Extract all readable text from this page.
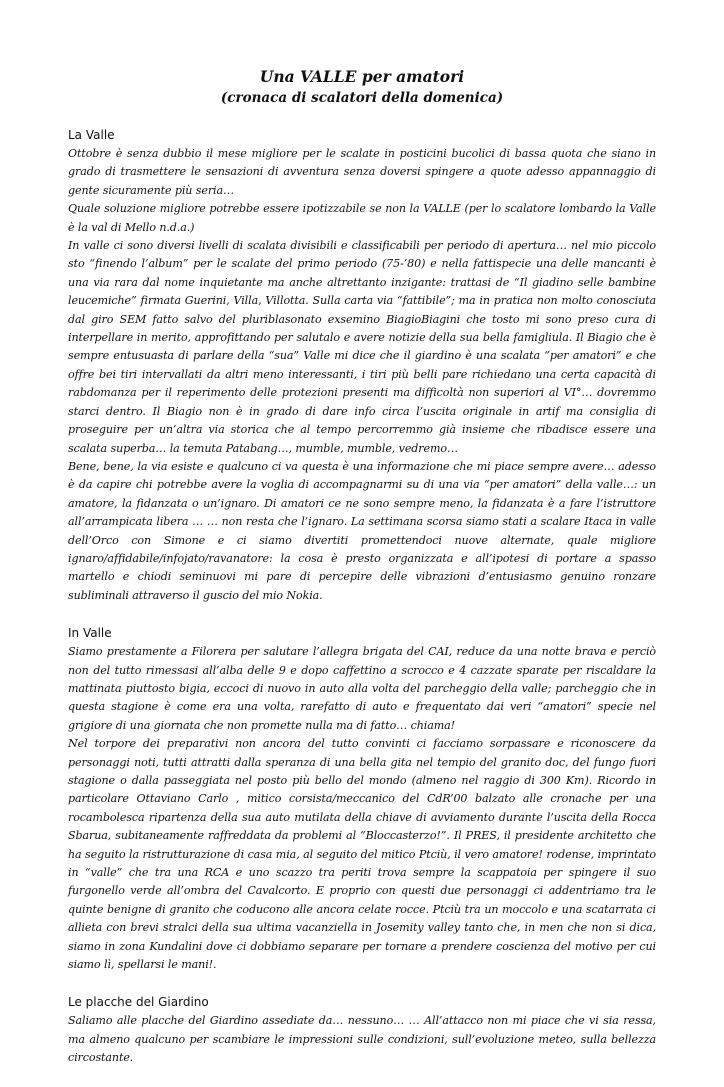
Una VALLE per amatori
(cronaca di scalatori della domenica)
La Valle

Ottobre è senza dubbio il mese migliore per le scalate in posticini bucolici di bassa quota che siano in grado di trasmettere le sensazioni di avventura senza doversi spingere a quote adesso appannaggio di gente sicuramente più seria…

Quale soluzione migliore potrebbe essere ipotizzabile se non la VALLE (per lo scalatore lombardo la Valle è la val di Mello n.d.a.)

In valle ci sono diversi livelli di scalata divisibili e classificabili per periodo di apertura… nel mio piccolo sto “finendo l’album” per le scalate del primo periodo (75-’80) e nella fattispecie una delle mancanti è una via rara dal nome inquietante ma anche altrettanto inzigante: trattasi de “Il giadino selle bambine leucemiche” firmata Guerini, Villa, Villotta. Sulla carta via “fattibile”; ma in pratica non molto conosciuta dal giro SEM fatto salvo del pluriblasonato exsemino BiagioBiagini che tosto mi sono preso cura di interpellare in merito, approfittando per salutalo e avere notizie della sua bella famigliula. Il Biagio che è sempre entusuasta di parlare della “sua” Valle mi dice che il giardino è una scalata “per amatori” e che offre bei tiri intervallati da altri meno interessanti, i tiri più belli pare richiedano una certa capacità di rabdomanza per il reperimento delle protezioni presenti ma difficoltà non superiori al VI°… dovremmo starci dentro. Il Biagio non è in grado di dare info circa l’uscita originale in artif ma consiglia di proseguire per un’altra via storica che al tempo percorremmo già insieme che ribadisce essere una scalata superba… la temuta Patabang…, mumble, mumble, vedremo…

Bene, bene, la via esiste e qualcuno ci va questa è una informazione che mi piace sempre avere… adesso è da capire chi potrebbe avere la voglia di accompagnarmi su di una via “per amatori” della valle…: un amatore, la fidanzata o un’ignaro. Di amatori ce ne sono sempre meno, la fidanzata è a fare l’istruttore all’arrampicata libera … … non resta che l’ignaro. La settimana scorsa siamo stati a scalare Itaca in valle dell’Orco con Simone e ci siamo divertiti promettendoci nuove alternate, quale migliore ignaro/affidabile/infojato/ravanatore: la cosa è presto organizzata e all’ipotesi di portare a spasso martello e chiodi seminuovi mi pare di percepire delle vibrazioni d’entusiasmo genuino ronzare subliminali attraverso il guscio del mio Nokia.

In Valle

Siamo prestamente a Filorera per salutare l’allegra brigata del CAI, reduce da una notte brava e perciò non del tutto rimessasi all’alba delle 9 e dopo caffettino a scrocco e 4 cazzate sparate per riscaldare la mattinata piuttosto bigia, eccoci di nuovo in auto alla volta del parcheggio della valle; parcheggio che in questa stagione è come era una volta, rarefatto di auto e frequentato dai veri “amatori” specie nel grigiore di una giornata che non promette nulla ma di fatto… chiama!

Nel torpore dei preparativi non ancora del tutto convinti ci facciamo sorpassare e riconoscere da personaggi noti, tutti attratti dalla speranza di una bella gita nel tempio del granito doc, del fungo fuori stagione o dalla passeggiata nel posto più bello del mondo (almeno nel raggio di 300 Km). Ricordo in particolare Ottaviano Carlo , mitico corsista/meccanico del CdR’00 balzato alle cronache per una rocambolesca ripartenza della sua auto mutilata della chiave di avviamento durante l’uscita della Rocca Sbarua, subitaneamente raffreddata da problemi al “Bloccasterzo!”. Il PRES, il presidente architetto che ha seguito la ristrutturazione di casa mia, al seguito del mitico Ptciù, il vero amatore! rodense, imprintato in “valle” che tra una RCA e uno scazzo tra periti trova sempre la scappatoia per spingere il suo furgonello verde all’ombra del Cavalcorto. E proprio con questi due personaggi ci addentriamo tra le quinte benigne di granito che coducono alle ancora celate rocce. Ptciù tra un moccolo e una scatarrata ci allieta con brevi stralci della sua ultima vacanziella in Josemity valley tanto che, in men che non si dica, siamo in zona Kundalini dove ci dobbiamo separare per tornare a prendere coscienza del motivo per cui siamo lì, spellarsi le mani!.

Le placche del Giardino

Saliamo alle placche del Giardino assediate da… nessuno… … All’attacco non mi piace che vi sia ressa, ma almeno qualcuno per scambiare le impressioni sulle condizioni, sull’evoluzione meteo, sulla bellezza circostante.
